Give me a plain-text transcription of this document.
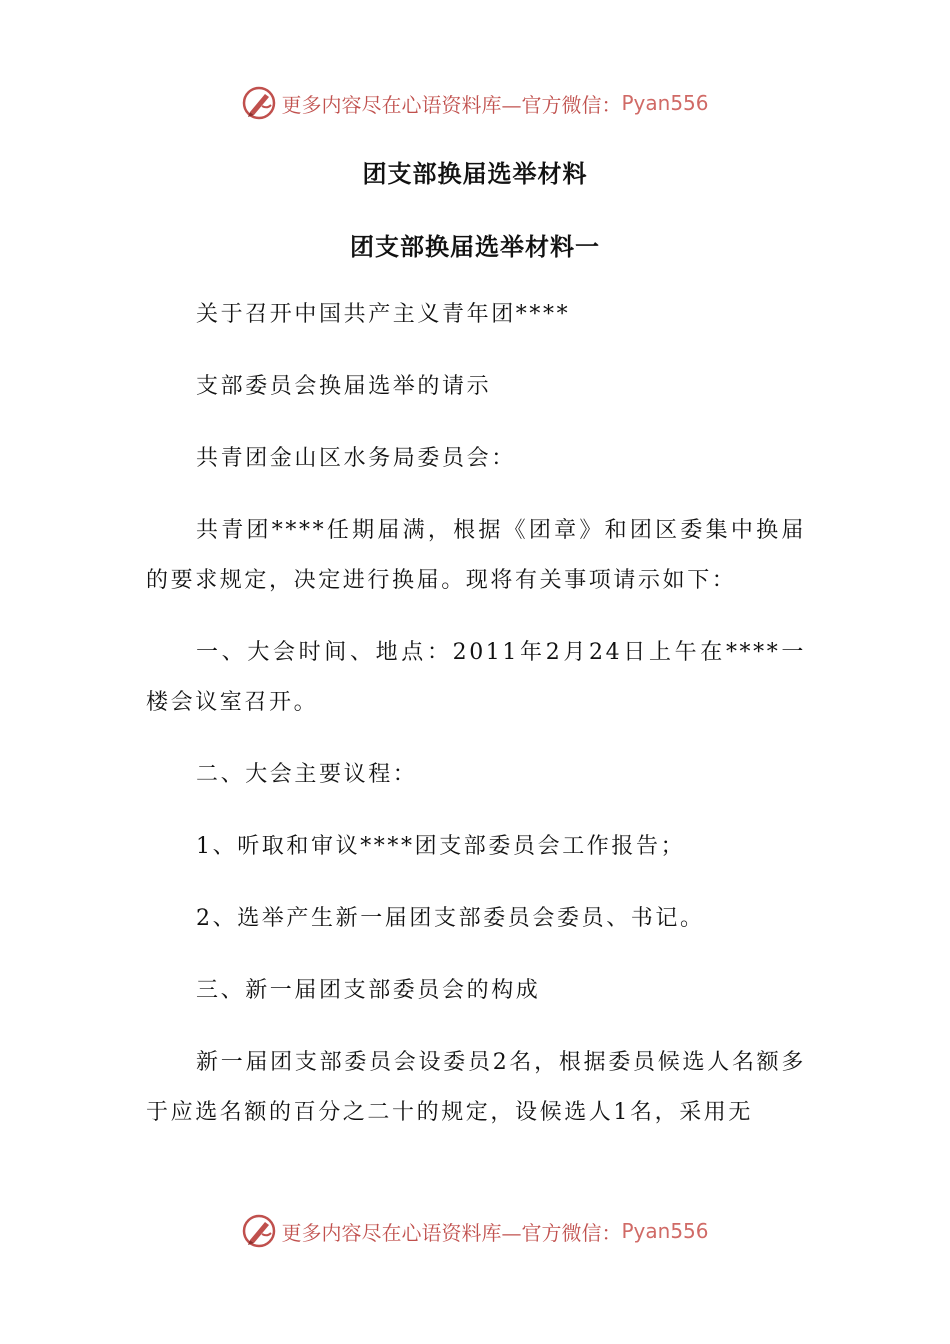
更多内容尽在心语资料库—官方微信： Pyan556
团支部换届选举材料
团支部换届选举材料一

关于召开中国共产主义青年团****

支部委员会换届选举的请示

共青团金山区水务局委员会：

共青团****任期届满，根据《团章》和团区委集中换届的要求规定，决定进行换届。现将有关事项请示如下：

一、大会时间、地点：2011年2月24日上午在****一楼会议室召开。

二、大会主要议程：

1、听取和审议****团支部委员会工作报告；

2、选举产生新一届团支部委员会委员、书记。

三、新一届团支部委员会的构成

新一届团支部委员会设委员2名，根据委员候选人名额多于应选名额的百分之二十的规定，设候选人1名，采用无

更多内容尽在心语资料库—官方微信： Pyan556
